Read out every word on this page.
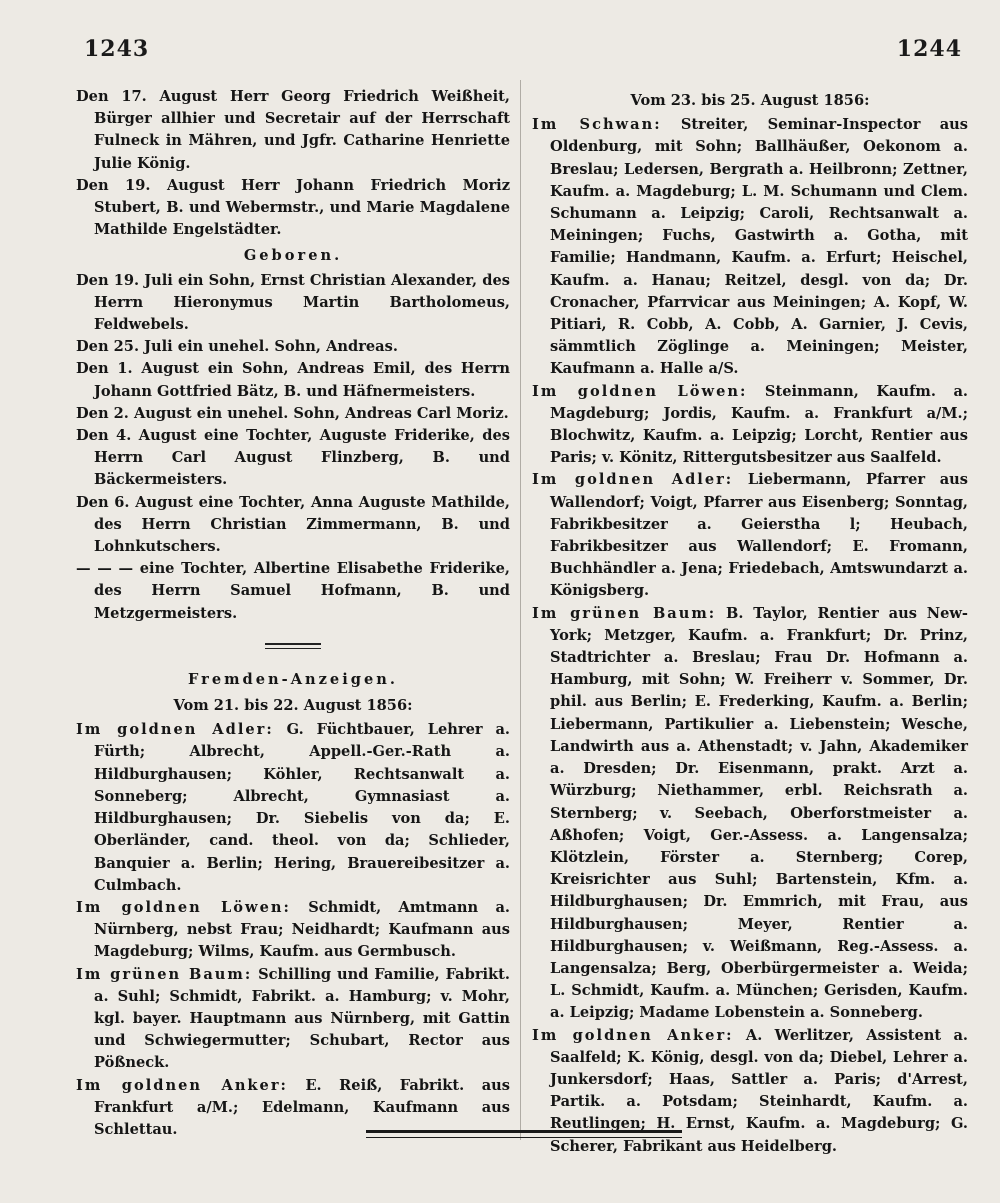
1243	1244

Den 17. August Herr Georg Friedrich Weißheit, Bürger allhier und Secretair auf der Herrschaft Fulneck in Mähren, und Jgfr. Catharine Henriette Julie König.

Den 19. August Herr Johann Friedrich Moriz Stubert, B. und Webermstr., und Marie Magdalene Mathilde Engelstädter.

Geboren.

Den 19. Juli ein Sohn, Ernst Christian Alexander, des Herrn Hieronymus Martin Bartholomeus, Feldwebels.

Den 25. Juli ein unehel. Sohn, Andreas.

Den 1. August ein Sohn, Andreas Emil, des Herrn Johann Gottfried Bätz, B. und Häfnermeisters.

Den 2. August ein unehel. Sohn, Andreas Carl Moriz.

Den 4. August eine Tochter, Auguste Friderike, des Herrn Carl August Flinzberg, B. und Bäckermeisters.

Den 6. August eine Tochter, Anna Auguste Mathilde, des Herrn Christian Zimmermann, B. und Lohnkutschers.

— — — eine Tochter, Albertine Elisabethe Friderike, des Herrn Samuel Hofmann, B. und Metzgermeisters.

Fremden-Anzeigen.
Vom 21. bis 22. August 1856:

Im goldnen Adler: G. Füchtbauer, Lehrer a. Fürth; Albrecht, Appell.-Ger.-Rath a. Hildburghausen; Köhler, Rechtsanwalt a. Sonneberg; Albrecht, Gymnasiast a. Hildburghausen; Dr. Siebelis von da; E. Oberländer, cand. theol. von da; Schlieder, Banquier a. Berlin; Hering, Brauereibesitzer a. Culmbach.

Im goldnen Löwen: Schmidt, Amtmann a. Nürnberg, nebst Frau; Neidhardt; Kaufmann aus Magdeburg; Wilms, Kaufm. aus Germbusch.

Im grünen Baum: Schilling und Familie, Fabrikt. a. Suhl; Schmidt, Fabrikt. a. Hamburg; v. Mohr, kgl. bayer. Hauptmann aus Nürnberg, mit Gattin und Schwiegermutter; Schubart, Rector aus Pößneck.

Im goldnen Anker: E. Reiß, Fabrikt. aus Frankfurt a/M.; Edelmann, Kaufmann aus Schlettau.

Vom 23. bis 25. August 1856:

Im Schwan: Streiter, Seminar-Inspector aus Oldenburg, mit Sohn; Ballhäußer, Oekonom a. Breslau; Ledersen, Bergrath a. Heilbronn; Zettner, Kaufm. a. Magdeburg; L. M. Schumann und Clem. Schumann a. Leipzig; Caroli, Rechtsanwalt a. Meiningen; Fuchs, Gastwirth a. Gotha, mit Familie; Handmann, Kaufm. a. Erfurt; Heischel, Kaufm. a. Hanau; Reitzel, desgl. von da; Dr. Cronacher, Pfarrvicar aus Meiningen; A. Kopf, W. Pitiari, R. Cobb, A. Cobb, A. Garnier, J. Cevis, sämmtlich Zöglinge a. Meiningen; Meister, Kaufmann a. Halle a/S.

Im goldnen Löwen: Steinmann, Kaufm. a. Magdeburg; Jordis, Kaufm. a. Frankfurt a/M.; Blochwitz, Kaufm. a. Leipzig; Lorcht, Rentier aus Paris; v. Könitz, Rittergutsbesitzer aus Saalfeld.

Im goldnen Adler: Liebermann, Pfarrer aus Wallendorf; Voigt, Pfarrer aus Eisenberg; Sonntag, Fabrikbesitzer a. Geierstha l; Heubach, Fabrikbesitzer aus Wallendorf; E. Fromann, Buchhändler a. Jena; Friedebach, Amtswundarzt a. Königsberg.

Im grünen Baum: B. Taylor, Rentier aus New-York; Metzger, Kaufm. a. Frankfurt; Dr. Prinz, Stadtrichter a. Breslau; Frau Dr. Hofmann a. Hamburg, mit Sohn; W. Freiherr v. Sommer, Dr. phil. aus Berlin; E. Frederking, Kaufm. a. Berlin; Liebermann, Partikulier a. Liebenstein; Wesche, Landwirth aus a. Athenstadt; v. Jahn, Akademiker a. Dresden; Dr. Eisenmann, prakt. Arzt a. Würzburg; Niethammer, erbl. Reichsrath a. Sternberg; v. Seebach, Oberforstmeister a. Aßhofen; Voigt, Ger.-Assess. a. Langensalza; Klötzlein, Förster a. Sternberg; Corep, Kreisrichter aus Suhl; Bartenstein, Kfm. a. Hildburghausen; Dr. Emmrich, mit Frau, aus Hildburghausen; Meyer, Rentier a. Hildburghausen; v. Weißmann, Reg.-Assess. a. Langensalza; Berg, Oberbürgermeister a. Weida; L. Schmidt, Kaufm. a. München; Gerisden, Kaufm. a. Leipzig; Madame Lobenstein a. Sonneberg.

Im goldnen Anker: A. Werlitzer, Assistent a. Saalfeld; K. König, desgl. von da; Diebel, Lehrer a. Junkersdorf; Haas, Sattler a. Paris; d'Arrest, Partik. a. Potsdam; Steinhardt, Kaufm. a. Reutlingen; H. Ernst, Kaufm. a. Magdeburg; G. Scherer, Fabrikant aus Heidelberg.
